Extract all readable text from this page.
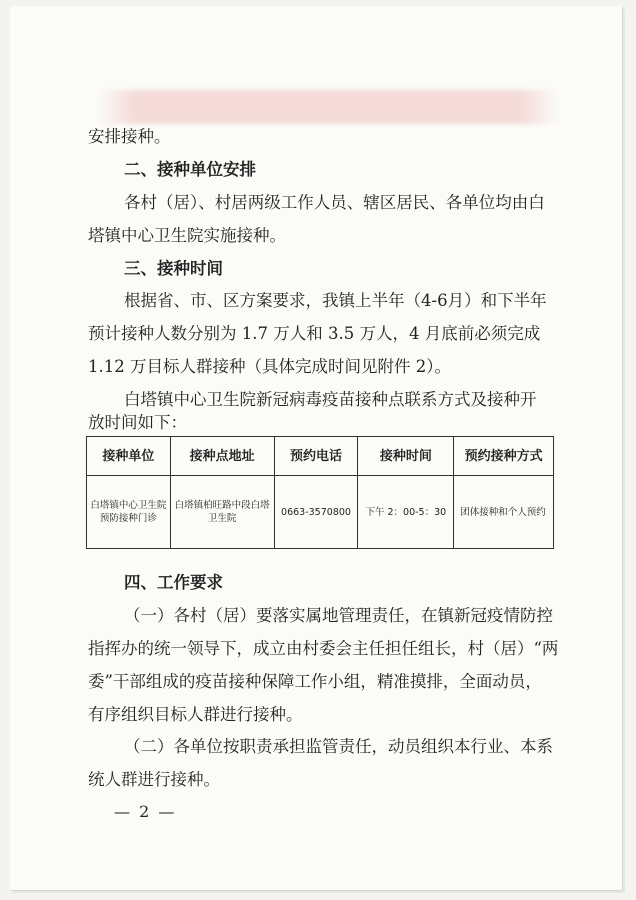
安排接种。
二、接种单位安排
各村（居）、村居两级工作人员、辖区居民、各单位均由白
塔镇中心卫生院实施接种。
三、接种时间
根据省、市、区方案要求，我镇上半年（4-6月）和下半年
预计接种人数分别为 1.7 万人和 3.5 万人，4 月底前必须完成
1.12 万目标人群接种（具体完成时间见附件 2）。
白塔镇中心卫生院新冠病毒疫苗接种点联系方式及接种开
放时间如下：
接种单位	接种点地址	预约电话	接种时间	预约接种方式
白塔镇中心卫生院预防接种门诊	白塔镇柏旺路中段白塔卫生院	0663-3570800	下午 2：00-5：30	团体接种和个人预约
四、工作要求
（一）各村（居）要落实属地管理责任，在镇新冠疫情防控
指挥办的统一领导下，成立由村委会主任担任组长，村（居）“两
委”干部组成的疫苗接种保障工作小组，精准摸排，全面动员，
有序组织目标人群进行接种。
（二）各单位按职责承担监管责任，动员组织本行业、本系
统人群进行接种。
— 2 —
